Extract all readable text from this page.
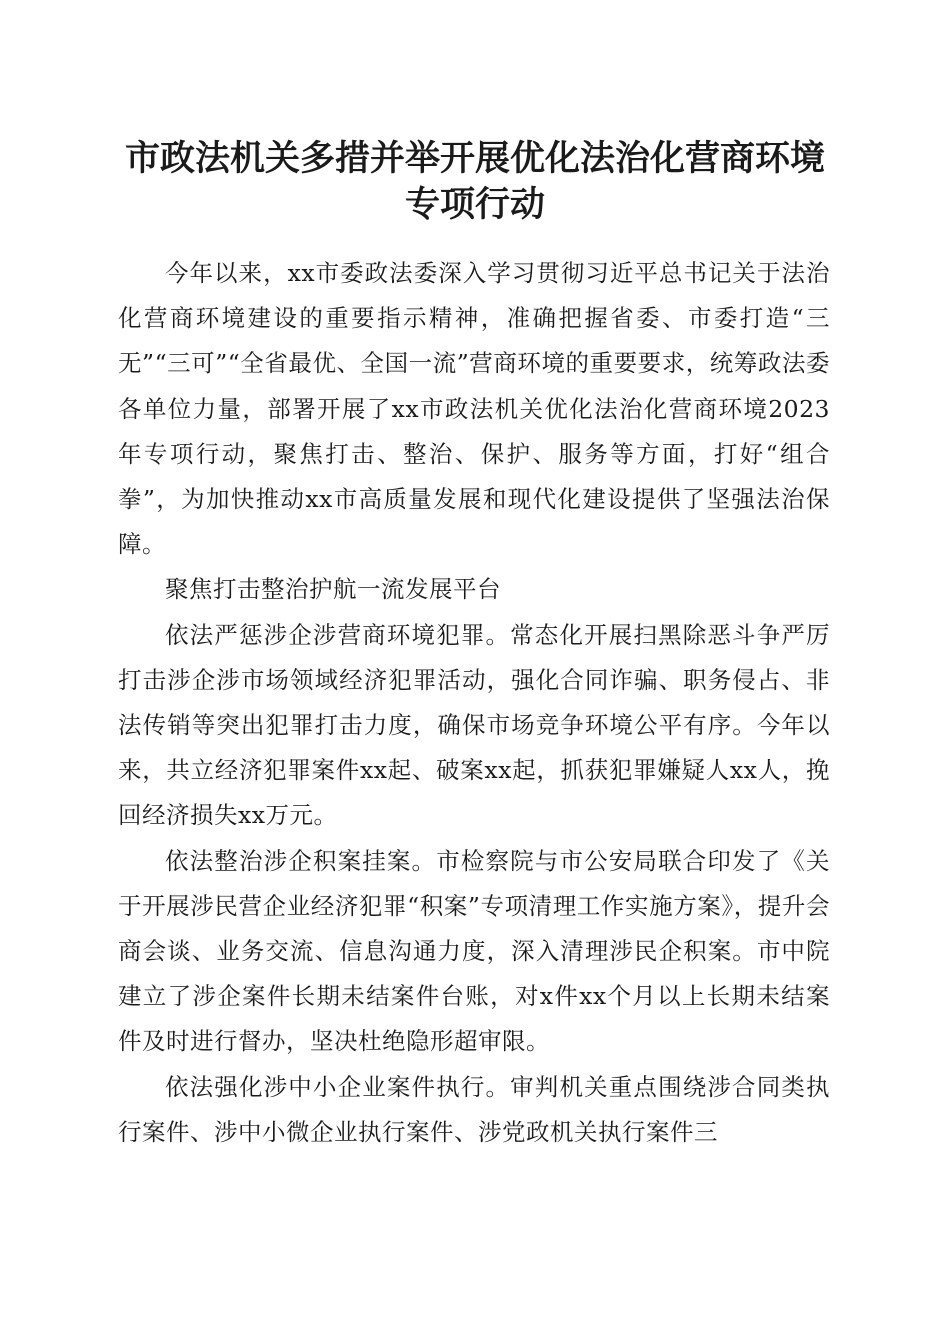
市政法机关多措并举开展优化法治化营商环境
专项行动

今年以来，xx市委政法委深入学习贯彻习近平总书记关于法治化营商环境建设的重要指示精神，准确把握省委、市委打造“三无”“三可”“全省最优、全国一流”营商环境的重要要求，统筹政法委各单位力量，部署开展了xx市政法机关优化法治化营商环境2023年专项行动，聚焦打击、整治、保护、服务等方面，打好“组合拳”，为加快推动xx市高质量发展和现代化建设提供了坚强法治保障。

聚焦打击整治护航一流发展平台

依法严惩涉企涉营商环境犯罪。常态化开展扫黑除恶斗争严厉打击涉企涉市场领域经济犯罪活动，强化合同诈骗、职务侵占、非法传销等突出犯罪打击力度，确保市场竞争环境公平有序。今年以来，共立经济犯罪案件xx起、破案xx起，抓获犯罪嫌疑人xx人，挽回经济损失xx万元。

依法整治涉企积案挂案。市检察院与市公安局联合印发了《关于开展涉民营企业经济犯罪“积案”专项清理工作实施方案》，提升会商会谈、业务交流、信息沟通力度，深入清理涉民企积案。市中院建立了涉企案件长期未结案件台账，对x件xx个月以上长期未结案件及时进行督办，坚决杜绝隐形超审限。

依法强化涉中小企业案件执行。审判机关重点围绕涉合同类执行案件、涉中小微企业执行案件、涉党政机关执行案件三
